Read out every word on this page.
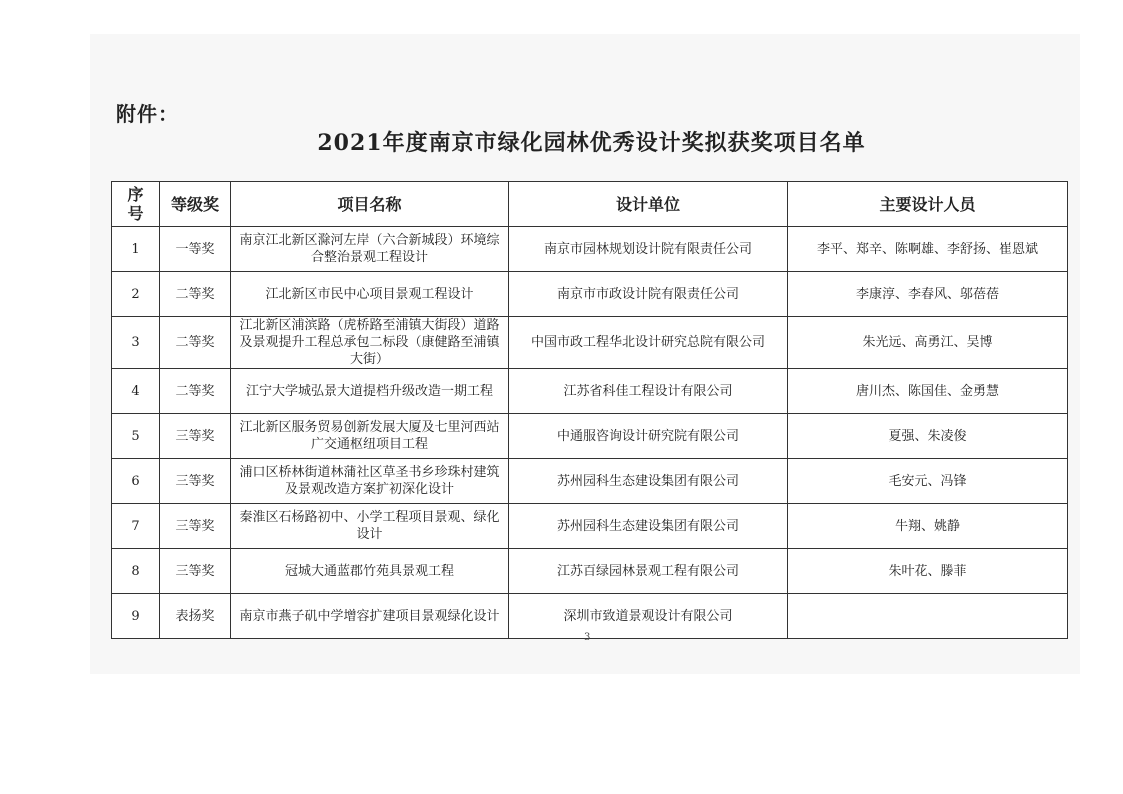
附件：
2021年度南京市绿化园林优秀设计奖拟获奖项目名单
序号	等级奖	项目名称	设计单位	主要设计人员
1	一等奖	南京江北新区滁河左岸（六合新城段）环境综合整治景观工程设计	南京市园林规划设计院有限责任公司	李平、郑辛、陈啊雄、李舒扬、崔恩斌
2	二等奖	江北新区市民中心项目景观工程设计	南京市市政设计院有限责任公司	李康淳、李春风、邬蓓蓓
3	二等奖	江北新区浦滨路（虎桥路至浦镇大街段）道路及景观提升工程总承包二标段（康健路至浦镇大街）	中国市政工程华北设计研究总院有限公司	朱光远、高勇江、吴博
4	二等奖	江宁大学城弘景大道提档升级改造一期工程	江苏省科佳工程设计有限公司	唐川杰、陈国佳、金勇慧
5	三等奖	江北新区服务贸易创新发展大厦及七里河西站广交通枢纽项目工程	中通服咨询设计研究院有限公司	夏强、朱凌俊
6	三等奖	浦口区桥林街道林蒲社区草圣书乡珍珠村建筑及景观改造方案扩初深化设计	苏州园科生态建设集团有限公司	毛安元、冯锋
7	三等奖	秦淮区石杨路初中、小学工程项目景观、绿化设计	苏州园科生态建设集团有限公司	牛翔、姚静
8	三等奖	冠城大通蓝郡竹苑具景观工程	江苏百绿园林景观工程有限公司	朱叶花、滕菲
9	表扬奖	南京市燕子矶中学增容扩建项目景观绿化设计	深圳市致道景观设计有限公司	
3
